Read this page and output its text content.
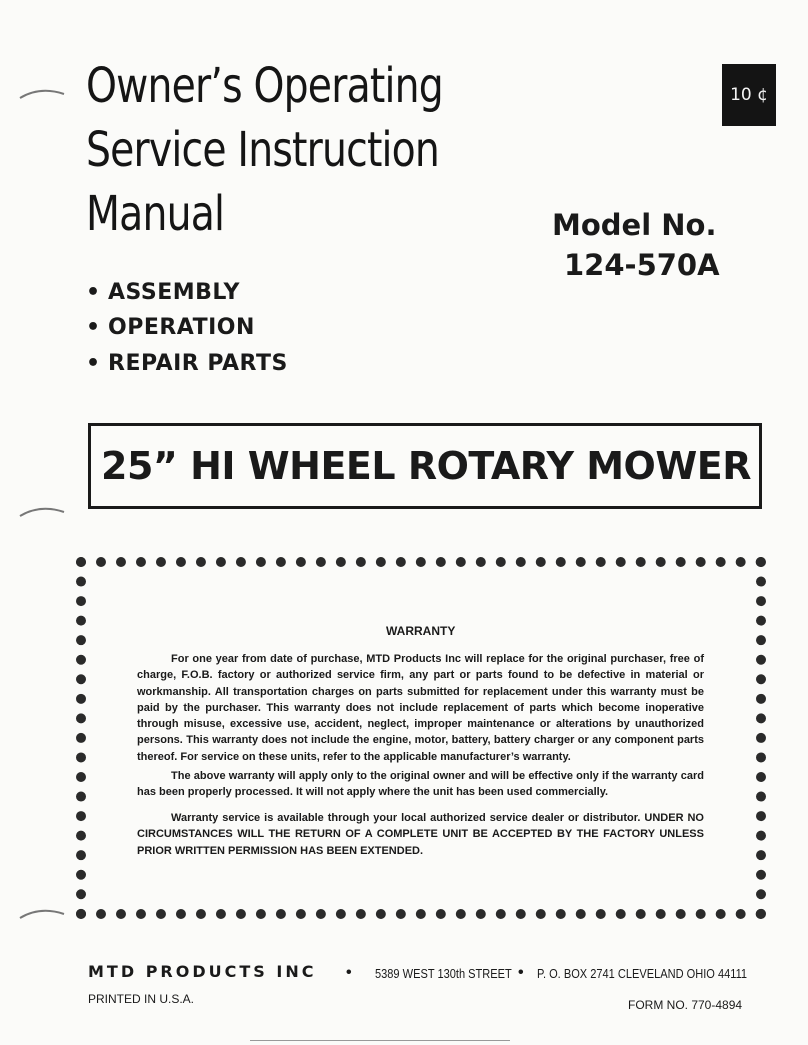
Owner’s Operating
Service Instruction
Manual
10 ¢
Model No.
124-570A
• ASSEMBLY
• OPERATION
• REPAIR PARTS
25” HI WHEEL ROTARY MOWER
WARRANTY

For one year from date of purchase, MTD Products Inc will replace for the original purchaser, free of charge, F.O.B. factory or authorized service firm, any part or parts found to be defective in material or workmanship. All transportation charges on parts submitted for replacement under this warranty must be paid by the purchaser. This warranty does not include replacement of parts which become inoperative through misuse, excessive use, accident, neglect, improper maintenance or alterations by unauthorized persons. This warranty does not include the engine, motor, battery, battery charger or any component parts thereof. For service on these units, refer to the applicable manufacturer’s warranty.

The above warranty will apply only to the original owner and will be effective only if the warranty card has been properly processed. It will not apply where the unit has been used commercially.

Warranty service is available through your local authorized service dealer or distributor. UNDER NO CIRCUMSTANCES WILL THE RETURN OF A COMPLETE UNIT BE ACCEPTED BY THE FACTORY UNLESS PRIOR WRITTEN PERMISSION HAS BEEN EXTENDED.

MTD PRODUCTS INC • 5389 WEST 130th STREET • P. O. BOX 2741 CLEVELAND OHIO 44111
PRINTED IN U.S.A.	FORM NO. 770-4894
